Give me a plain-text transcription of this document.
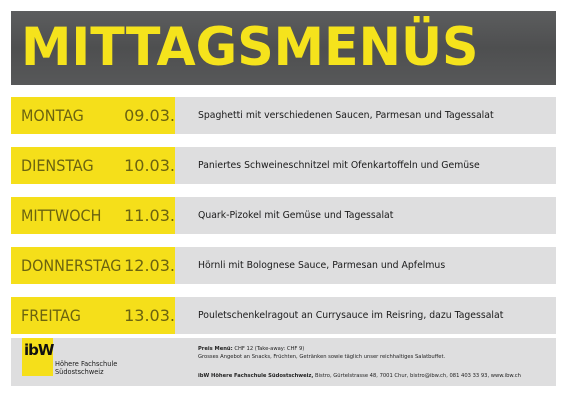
MITTAGSMENÜS
MONTAG	09.03. Spaghetti mit verschiedenen Saucen, Parmesan und Tagessalat
DIENSTAG 10.03. Paniertes Schweineschnitzel mit Ofenkartoffeln und Gemüse
MITTWOCH 11.03. Quark-Pizokel mit Gemüse und Tagessalat
DONNERSTAG 12.03. Hörnli mit Bolognese Sauce, Parmesan und Apfelmus
FREITAG	13.03. Pouletschenkelragout an Currysauce im Reisring, dazu Tagessalat
ibW
Höhere Fachschule
Südostschweiz
Preis Menü: CHF 12 (Take-away: CHF 9)
Grosses Angebot an Snacks, Früchten, Getränken sowie täglich unser reichhaltiges Salatbuffet.
ibW Höhere Fachschule Südostschweiz, Bistro, Gürtelstrasse 48, 7001 Chur, bistro@ibw.ch, 081 403 33 93, www.ibw.ch
